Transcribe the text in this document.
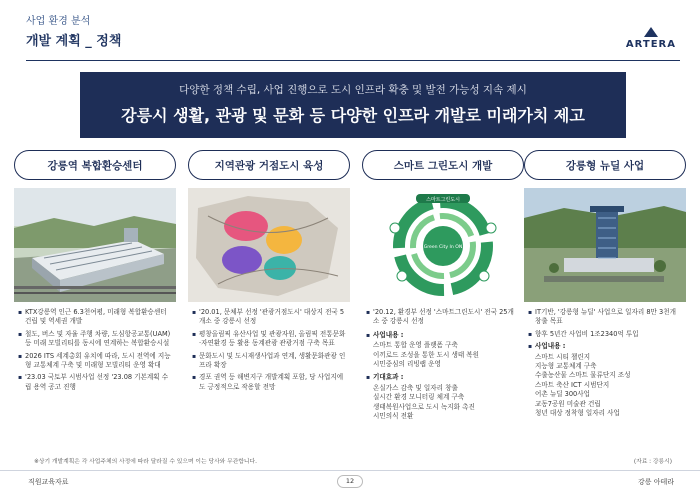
사업 환경 분석
개발 계획 _ 정책	ARTERA
다양한 정책 수립, 사업 진행으로 도시 인프라 확충 및 발전 가능성 지속 제시
강릉시 생활, 관광 및 문화 등 다양한 인프라 개발로 미래가치 제고
강릉역 복합환승센터
▪ KTX강릉역 인근 6.3천여평, 미래형 복합환승센터 건립 및 역세권 개발
▪ 철도, 버스 및 자율 주행 차량, 도심항공교통(UAM) 등 미래 모빌리티를 동시에 연계하는 복합환승시설
▪ 2026 ITS 세계총회 유치에 따라, 도시 전역에 지능형 교통체계 구축 및 미래형 모빌리티 운영 확대
▪ '23.03 국토부 시범사업 선정 '23.08 기본계획 수립 용역 공고 진행
지역관광 거점도시 육성
▪ '20.01, 문체부 선정 '관광거점도시' 대상지 전국 5개소 중 강릉시 선정
▪ 평창올림픽 유산사업 및 관광자원, 올림픽 전통문화·자연환경 등 활용 동계관광 관광거점 구축 목표
▪ 문화도시 및 도시재생사업과 연계, 생활문화관광 인프라 확장
▪ 경포 권역 등 해변지구 개발계획 포함, 당 사업지에도 긍정적으로 작용할 전망
스마트 그린도시 개발
스마트그린도시
Green City In ON
▪ '20.12, 환경부 선정 '스마트그린도시' 전국 25개소 중 강릉시 선정
▪ 사업내용 :
스마트 통합 운영 플랫폼 구축
이끼로드 조성을 통한 도시 생태 복원
시민중심의 리빙랩 운영
▪ 기대효과 :
온실가스 감축 및 일자리 창출
실시간 환경 모니터링 체계 구축
생태복원사업으로 도시 녹지화 촉진
시민의식 전환
강릉형 뉴딜 사업
▪ IT기반, '강릉형 뉴딜' 사업으로 일자리 8만 3천개 창출 목표
▪ 향후 5년간 사업비 1조2340억 투입
▪ 사업내용 :
스마트 시티 챌린지
지능형 교통체계 구축
수출농산물 스마트 물류단지 조성
스마트 축산 ICT 시범단지
어촌 뉴딜 300사업
교동7공원 미술관 건립
청년 대상 정착형 일자리 사업
※상기 개발계획은 각 사업주체의 사정에 따라 달라질 수 있으며 이는 당사와 무관합니다.	(자료 : 강릉시)
직원교육자료	12	강릉 아테라
